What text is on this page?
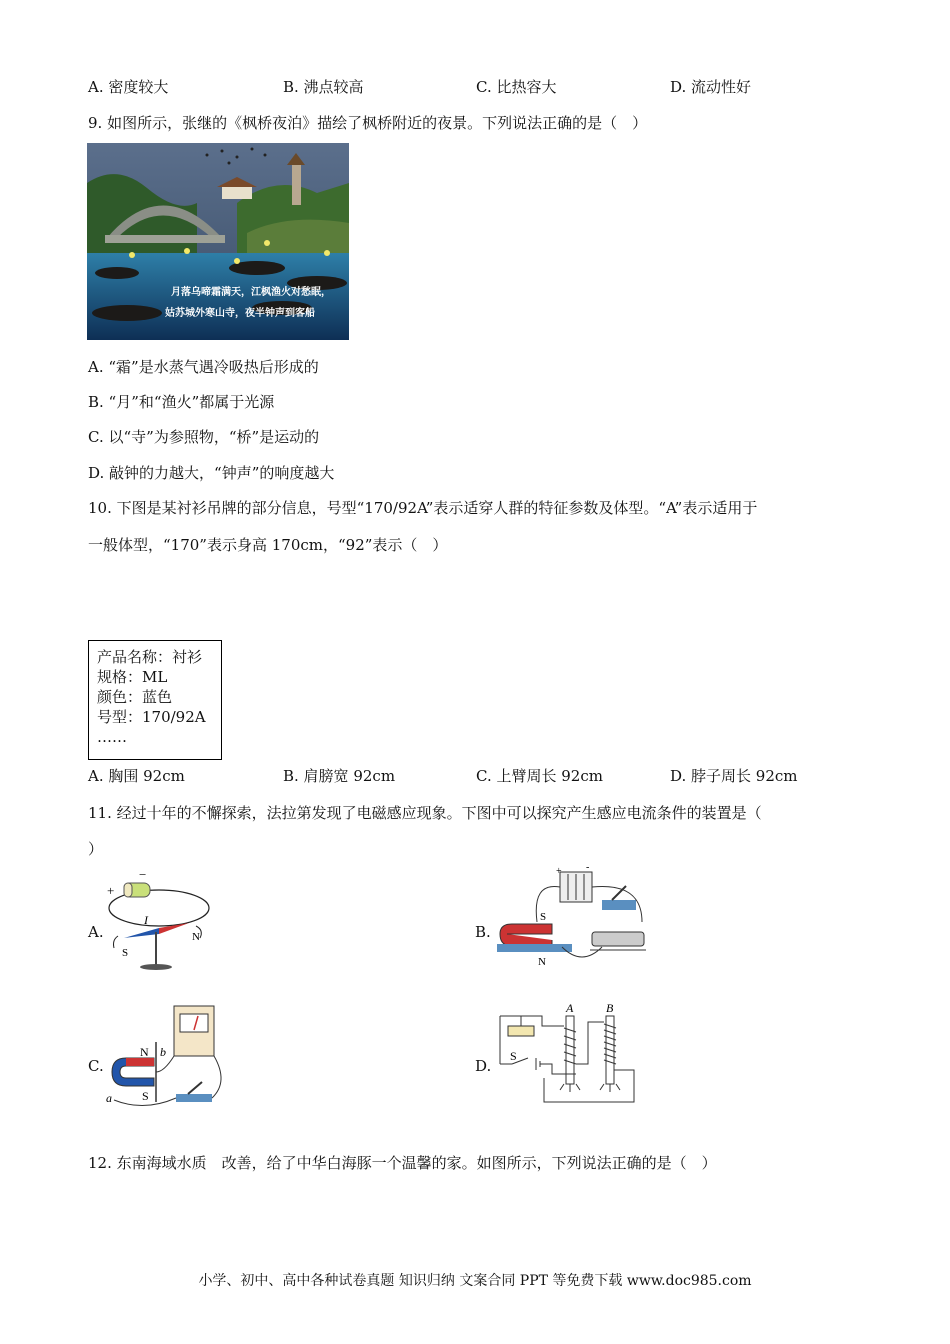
A. 密度较大	B. 沸点较高	C. 比热容大	D. 流动性好
9. 如图所示，张继的《枫桥夜泊》描绘了枫桥附近的夜景。下列说法正确的是（　）
月落乌啼霜满天，江枫渔火对愁眠，
姑苏城外寒山寺，夜半钟声到客船
A. “霜”是水蒸气遇冷吸热后形成的
B. “月”和“渔火”都属于光源
C. 以“寺”为参照物，“桥”是运动的
D. 敲钟的力越大，“钟声”的响度越大
10. 下图是某衬衫吊牌的部分信息，号型“170/92A”表示适穿人群的特征参数及体型。“A”表示适用于
一般体型，“170”表示身高 170cm，“92”表示（　）
产品名称：衬衫
规格：ML
颜色：蓝色
号型：170/92A
……
A. 胸围 92cm	B. 肩膀宽 92cm	C. 上臂周长 92cm	D. 脖子周长 92cm
11. 经过十年的不懈探索，法拉第发现了电磁感应现象。下图中可以探究产生感应电流条件的装置是（
）
A.	B.
C.	D.
+
−
I
S
N
+ -
S
N
N
S
a
b
A	B
S
12. 东南海域水质　改善，给了中华白海豚一个温馨的家。如图所示，下列说法正确的是（　）
小学、初中、高中各种试卷真题 知识归纳 文案合同 PPT 等免费下载 www.doc985.com
